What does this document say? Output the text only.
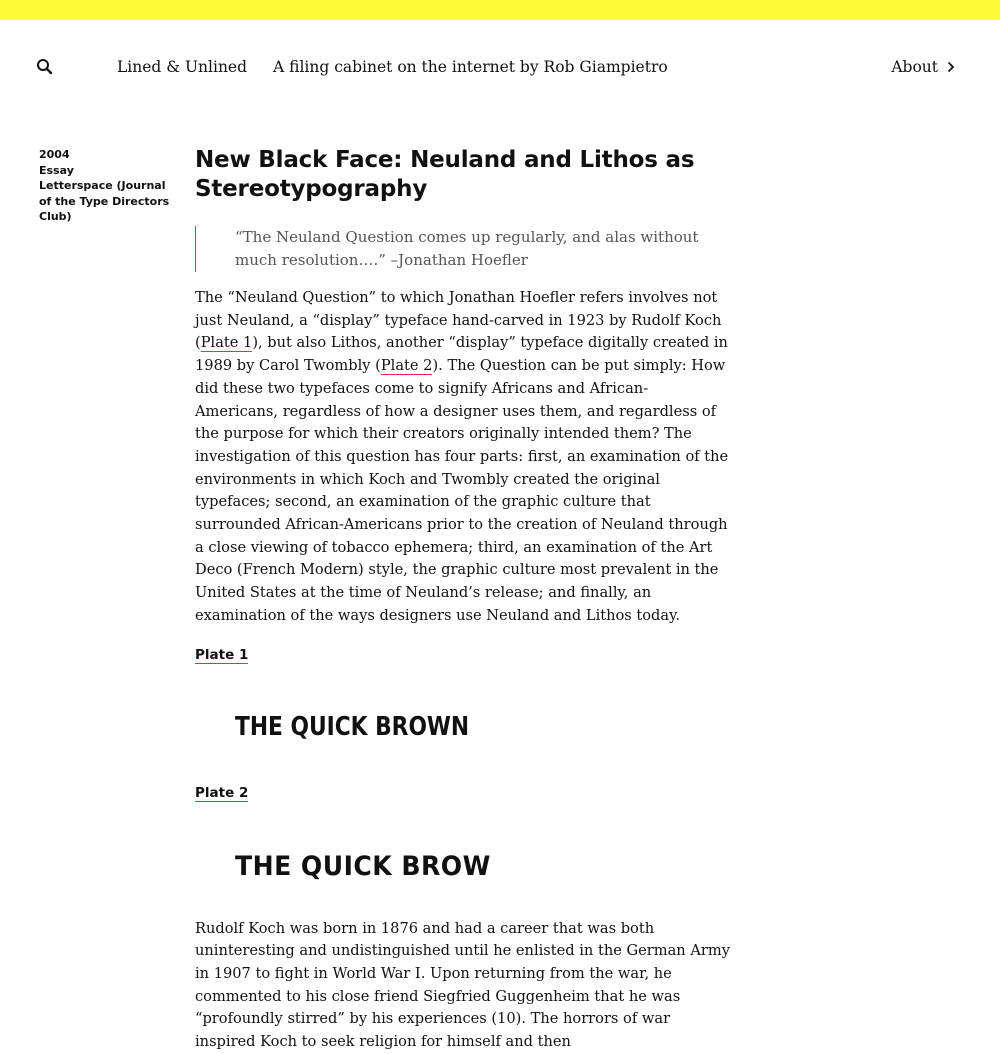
Lined & Unlined A filing cabinet on the internet by Rob Giampietro	About
2004
Essay
Letterspace (Journal of the Type Directors Club)
New Black Face: Neuland and Lithos as Stereotypography
“The Neuland Question comes up regularly, and alas without much resolution….” –Jonathan Hoefler

The “Neuland Question” to which Jonathan Hoefler refers involves not just Neuland, a “display” typeface hand-carved in 1923 by Rudolf Koch (Plate 1), but also Lithos, another “display” typeface digitally created in 1989 by Carol Twombly (Plate 2). The Question can be put simply: How did these two typefaces come to signify Africans and African-Americans, regardless of how a designer uses them, and regardless of the purpose for which their creators originally intended them? The investigation of this question has four parts: first, an examination of the environments in which Koch and Twombly created the original typefaces; second, an examination of the graphic culture that surrounded African-Americans prior to the creation of Neuland through a close viewing of tobacco ephemera; third, an examination of the Art Deco (French Modern) style, the graphic culture most prevalent in the United States at the time of Neuland’s release; and finally, an examination of the ways designers use Neuland and Lithos today.

Plate 1
THE QUICK BROWN
Plate 2
THE QUICK BROW

Rudolf Koch was born in 1876 and had a career that was both uninteresting and undistinguished until he enlisted in the German Army in 1907 to fight in World War I. Upon returning from the war, he commented to his close friend Siegfried Guggenheim that he was “profoundly stirred” by his experiences (10). The horrors of war inspired Koch to seek religion for himself and then
